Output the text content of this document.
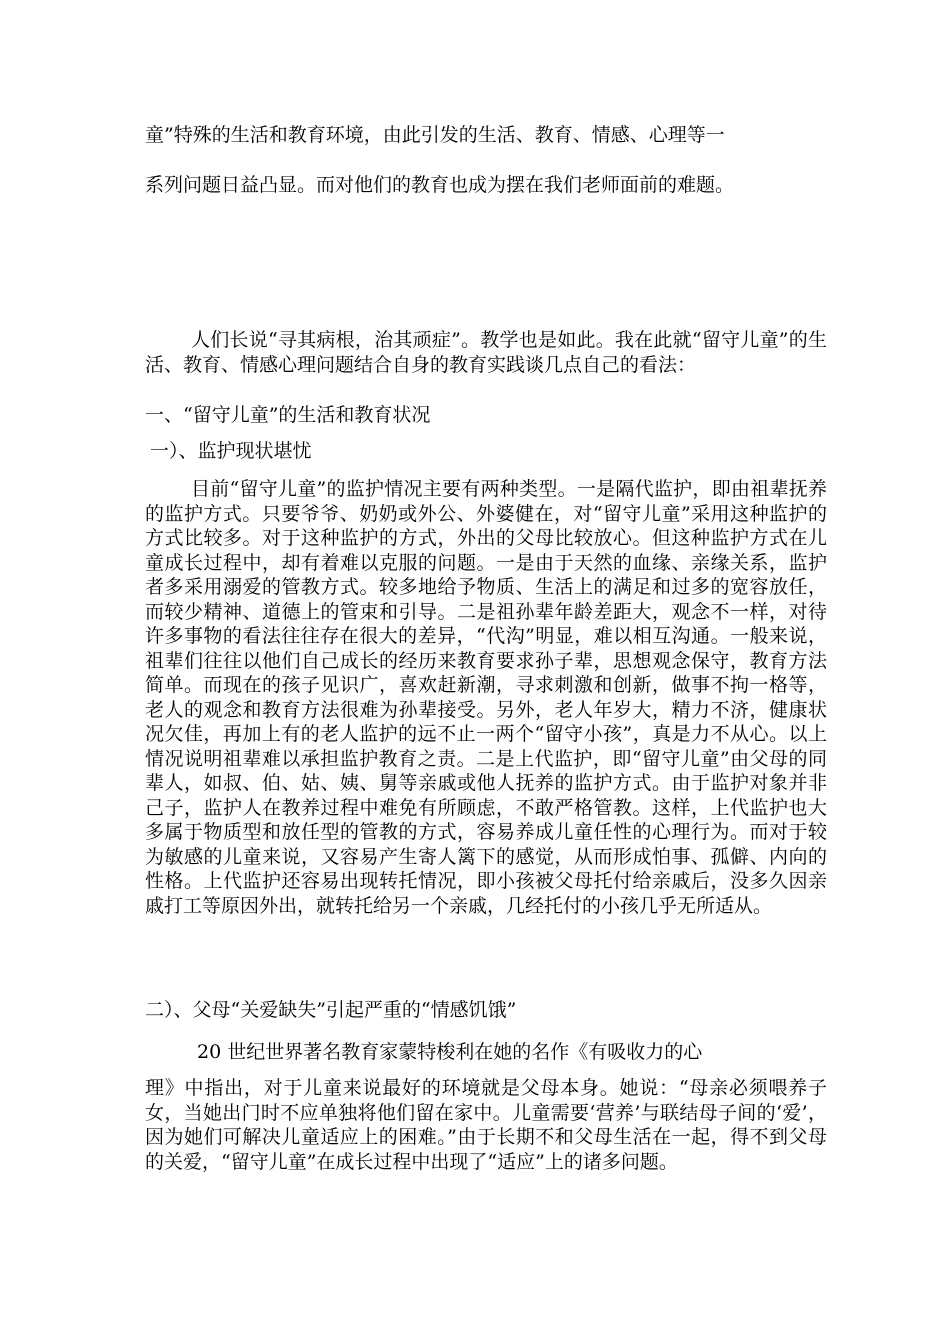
童”特殊的生活和教育环境，由此引发的生活、教育、情感、心理等一
系列问题日益凸显。而对他们的教育也成为摆在我们老师面前的难题。

人们长说“寻其病根，治其顽症”。教学也是如此。我在此就“留守儿童”的生活、教育、情感心理问题结合自身的教育实践谈几点自己的看法：

一、“留守儿童”的生活和教育状况
一）、监护现状堪忧

目前“留守儿童”的监护情况主要有两种类型。一是隔代监护，即由祖辈抚养的监护方式。只要爷爷、奶奶或外公、外婆健在，对“留守儿童”采用这种监护的方式比较多。对于这种监护的方式，外出的父母比较放心。但这种监护方式在儿童成长过程中，却有着难以克服的问题。一是由于天然的血缘、亲缘关系，监护者多采用溺爱的管教方式。较多地给予物质、生活上的满足和过多的宽容放任，而较少精神、道德上的管束和引导。二是祖孙辈年龄差距大，观念不一样，对待许多事物的看法往往存在很大的差异，“代沟”明显，难以相互沟通。一般来说，祖辈们往往以他们自己成长的经历来教育要求孙子辈，思想观念保守，教育方法简单。而现在的孩子见识广，喜欢赶新潮，寻求刺激和创新，做事不拘一格等，老人的观念和教育方法很难为孙辈接受。另外，老人年岁大，精力不济，健康状况欠佳，再加上有的老人监护的远不止一两个“留守小孩”，真是力不从心。以上情况说明祖辈难以承担监护教育之责。二是上代监护，即“留守儿童”由父母的同辈人，如叔、伯、姑、姨、舅等亲戚或他人抚养的监护方式。由于监护对象并非己子，监护人在教养过程中难免有所顾虑，不敢严格管教。这样，上代监护也大多属于物质型和放任型的管教的方式，容易养成儿童任性的心理行为。而对于较为敏感的儿童来说，又容易产生寄人篱下的感觉，从而形成怕事、孤僻、内向的性格。上代监护还容易出现转托情况，即小孩被父母托付给亲戚后，没多久因亲戚打工等原因外出，就转托给另一个亲戚，几经托付的小孩几乎无所适从。

二）、父母“关爱缺失”引起严重的“情感饥饿”
20 世纪世界著名教育家蒙特梭利在她的名作《有吸收力的心

理》中指出，对于儿童来说最好的环境就是父母本身。她说：“母亲必须喂养子女，当她出门时不应单独将他们留在家中。儿童需要‘营养’与联结母子间的‘爱’，因为她们可解决儿童适应上的困难。”由于长期不和父母生活在一起，得不到父母的关爱，“留守儿童”在成长过程中出现了“适应”上的诸多问题。
